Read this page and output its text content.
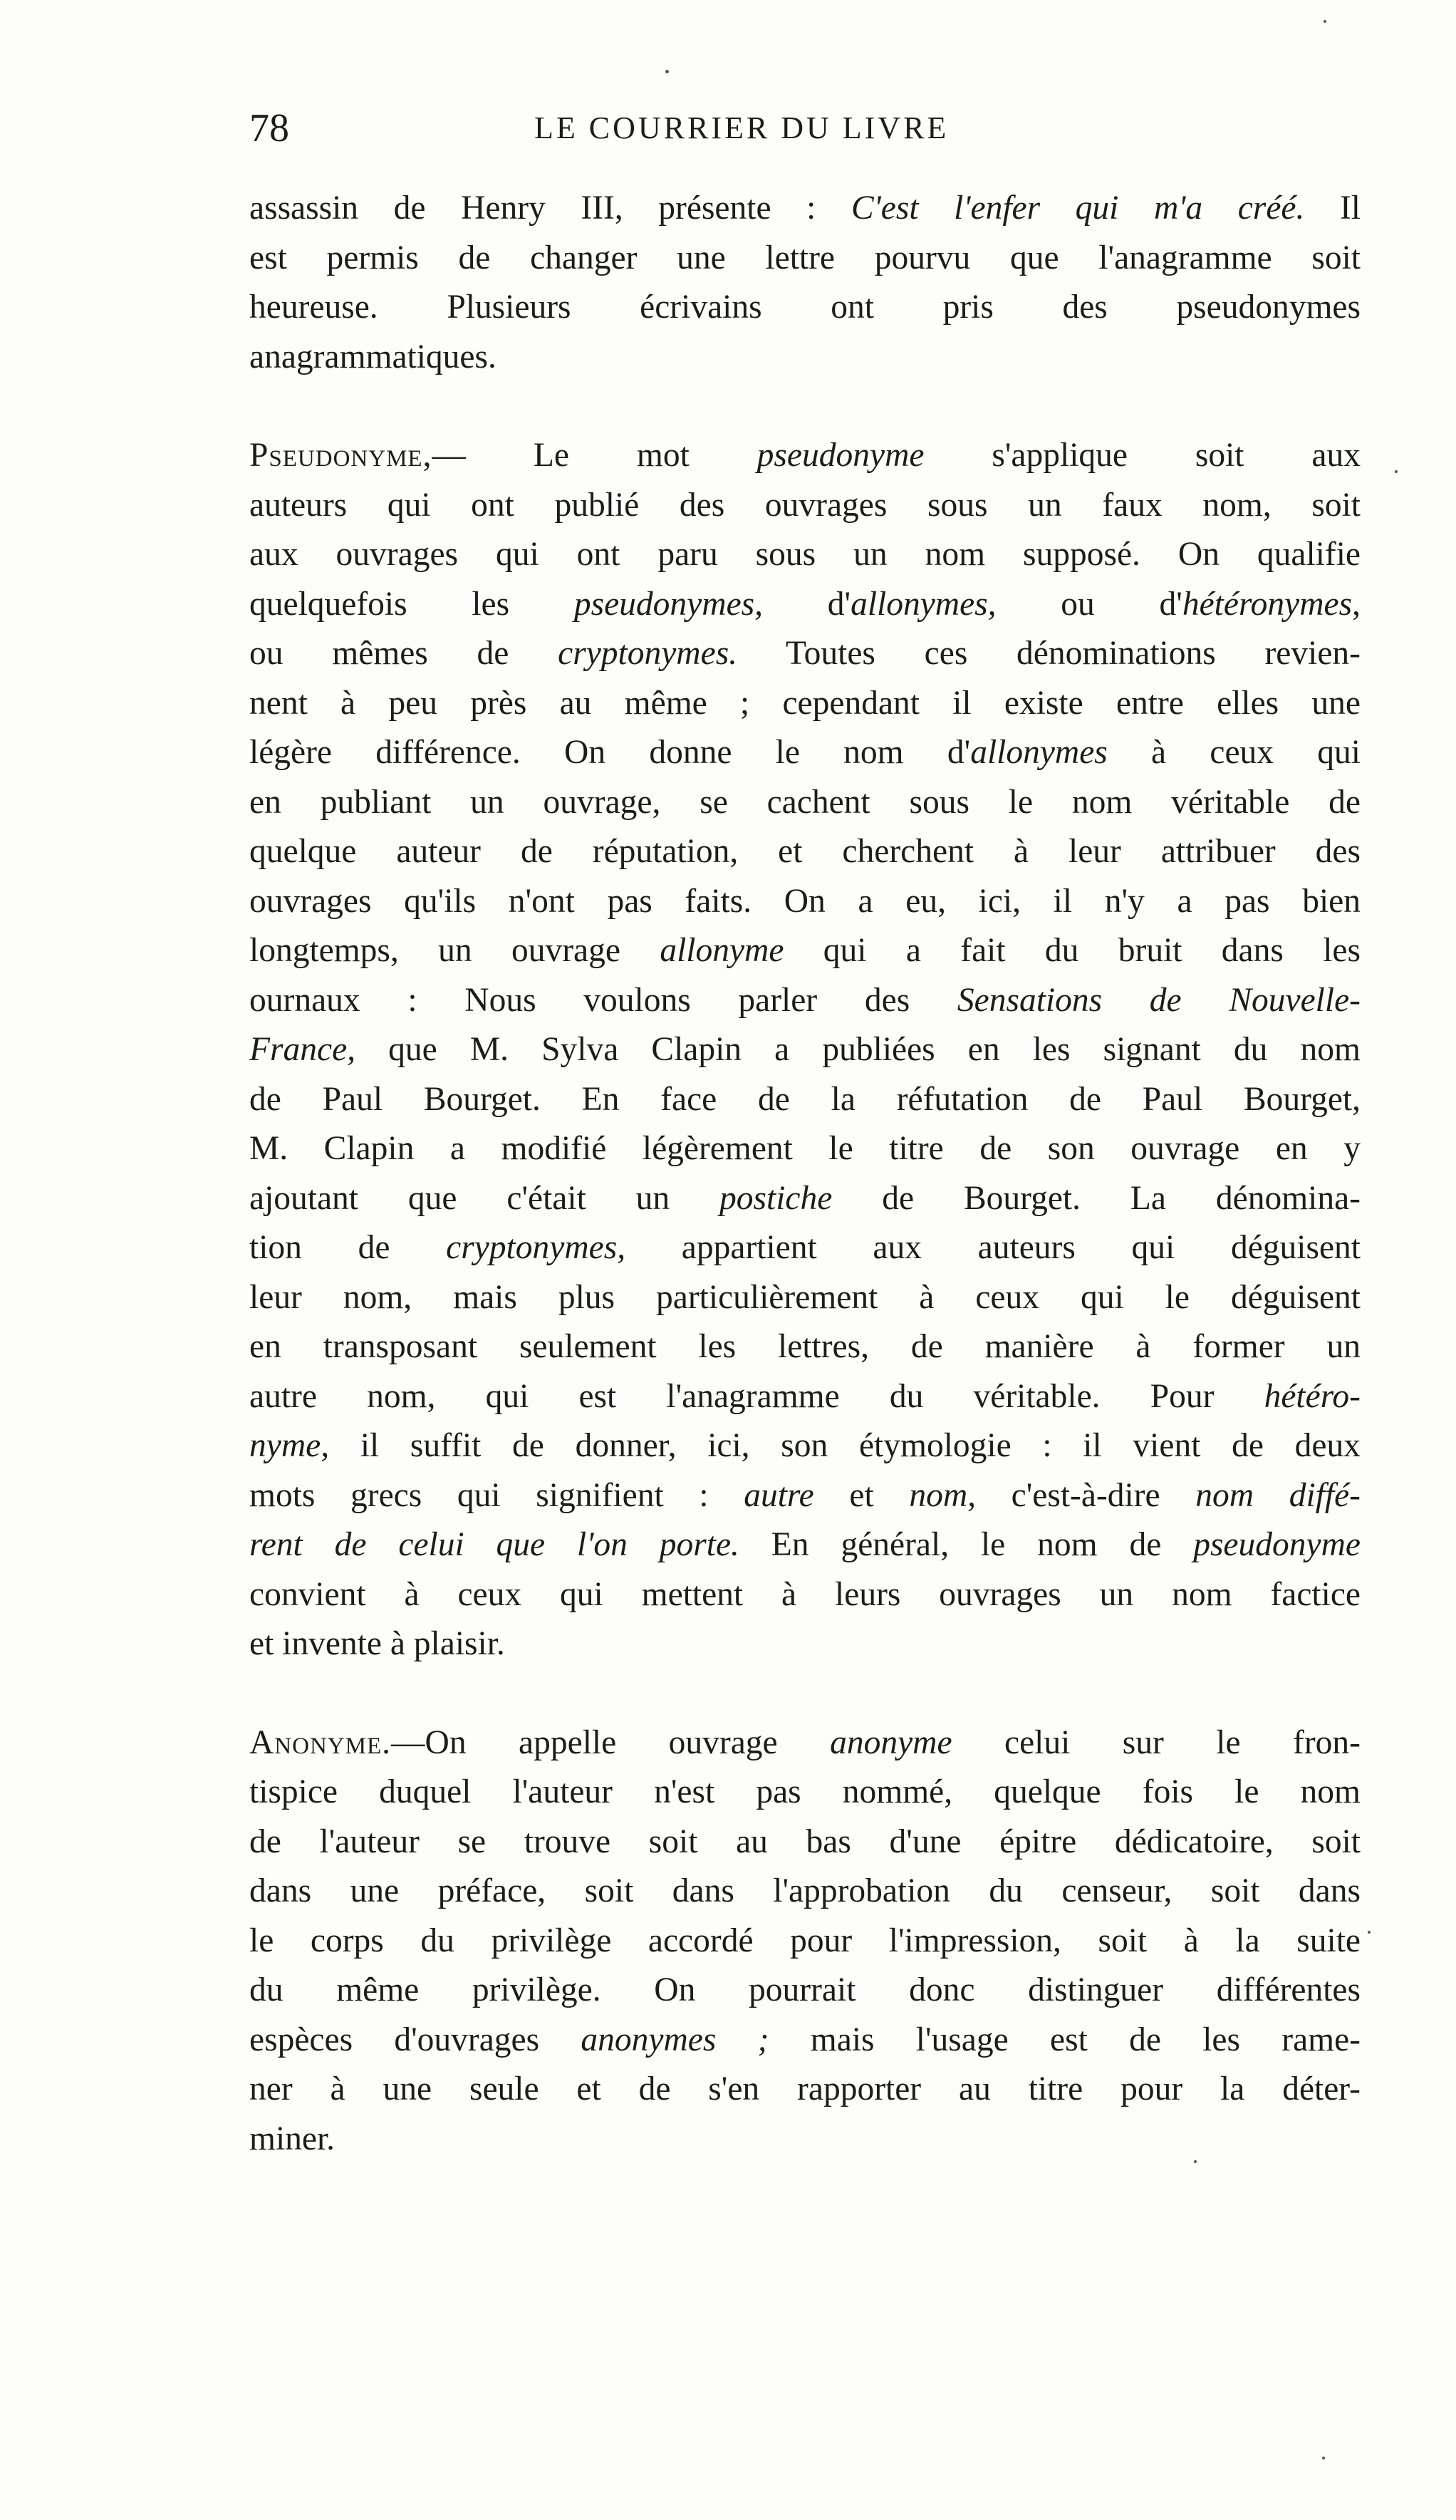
78	LE COURRIER DU LIVRE

assassin de Henry III, présente : C'est l'enfer qui m'a créé. Il
est permis de changer une lettre pourvu que l'anagramme soit
heureuse. Plusieurs écrivains ont pris des pseudonymes
anagrammatiques.

Pseudonyme,— Le mot pseudonyme s'applique soit aux
auteurs qui ont publié des ouvrages sous un faux nom, soit
aux ouvrages qui ont paru sous un nom supposé. On qualifie
quelquefois les pseudonymes, d'allonymes, ou d'hétéronymes,
ou mêmes de cryptonymes. Toutes ces dénominations revien-
nent à peu près au même ; cependant il existe entre elles une
légère différence. On donne le nom d'allonymes à ceux qui
en publiant un ouvrage, se cachent sous le nom véritable de
quelque auteur de réputation, et cherchent à leur attribuer des
ouvrages qu'ils n'ont pas faits. On a eu, ici, il n'y a pas bien
longtemps, un ouvrage allonyme qui a fait du bruit dans les
ournaux : Nous voulons parler des Sensations de Nouvelle-
France, que M. Sylva Clapin a publiées en les signant du nom
de Paul Bourget. En face de la réfutation de Paul Bourget,
M. Clapin a modifié légèrement le titre de son ouvrage en y
ajoutant que c'était un postiche de Bourget. La dénomina-
tion de cryptonymes, appartient aux auteurs qui déguisent
leur nom, mais plus particulièrement à ceux qui le déguisent
en transposant seulement les lettres, de manière à former un
autre nom, qui est l'anagramme du véritable. Pour hétéro-
nyme, il suffit de donner, ici, son étymologie : il vient de deux
mots grecs qui signifient : autre et nom, c'est-à-dire nom diffé-
rent de celui que l'on porte. En général, le nom de pseudonyme
convient à ceux qui mettent à leurs ouvrages un nom factice
et invente à plaisir.

Anonyme.—On appelle ouvrage anonyme celui sur le fron-
tispice duquel l'auteur n'est pas nommé, quelque fois le nom
de l'auteur se trouve soit au bas d'une épitre dédicatoire, soit
dans une préface, soit dans l'approbation du censeur, soit dans
le corps du privilège accordé pour l'impression, soit à la suite
du même privilège. On pourrait donc distinguer différentes
espèces d'ouvrages anonymes ; mais l'usage est de les rame-
ner à une seule et de s'en rapporter au titre pour la déter-
miner.
